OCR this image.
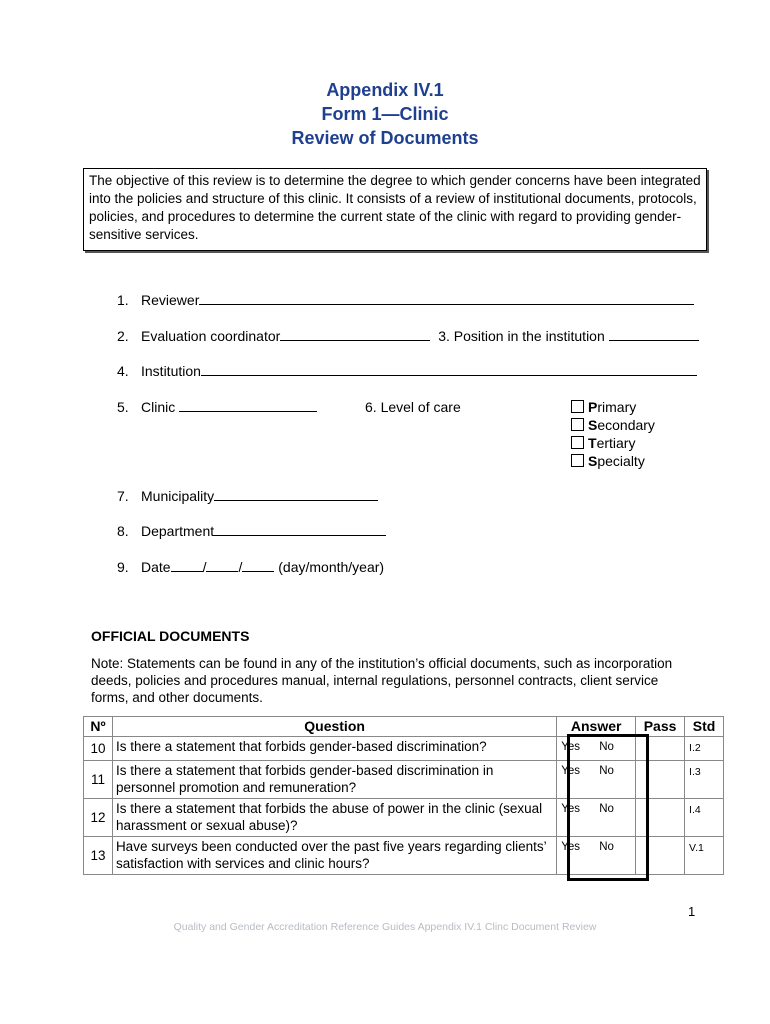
Appendix IV.1
Form 1—Clinic
Review of Documents
The objective of this review is to determine the degree to which gender concerns have been integrated into the policies and structure of this clinic. It consists of a review of institutional documents, protocols, policies, and procedures to determine the current state of the clinic with regard to providing gender-sensitive services.
1. Reviewer
2. Evaluation coordinator	3. Position in the institution
4. Institution
5. Clinic	6. Level of care	Primary
Secondary
Tertiary
Specialty
7. Municipality
8. Department
9. Date / /	(day/month/year)
OFFICIAL DOCUMENTS
Note: Statements can be found in any of the institution’s official documents, such as incorporation deeds, policies and procedures manual, internal regulations, personnel contracts, client service forms, and other documents.
Nº	Question	Answer	Pass	Std
10	Is there a statement that forbids gender-based discrimination?	Yes No		I.2
11	Is there a statement that forbids gender-based discrimination in personnel promotion and remuneration?	Yes No		I.3
12	Is there a statement that forbids the abuse of power in the clinic (sexual harassment or sexual abuse)?	Yes No		I.4
13	Have surveys been conducted over the past five years regarding clients’ satisfaction with services and clinic hours?	Yes No		V.1
1
Quality and Gender Accreditation Reference Guides Appendix IV.1 Clinc Document Review
